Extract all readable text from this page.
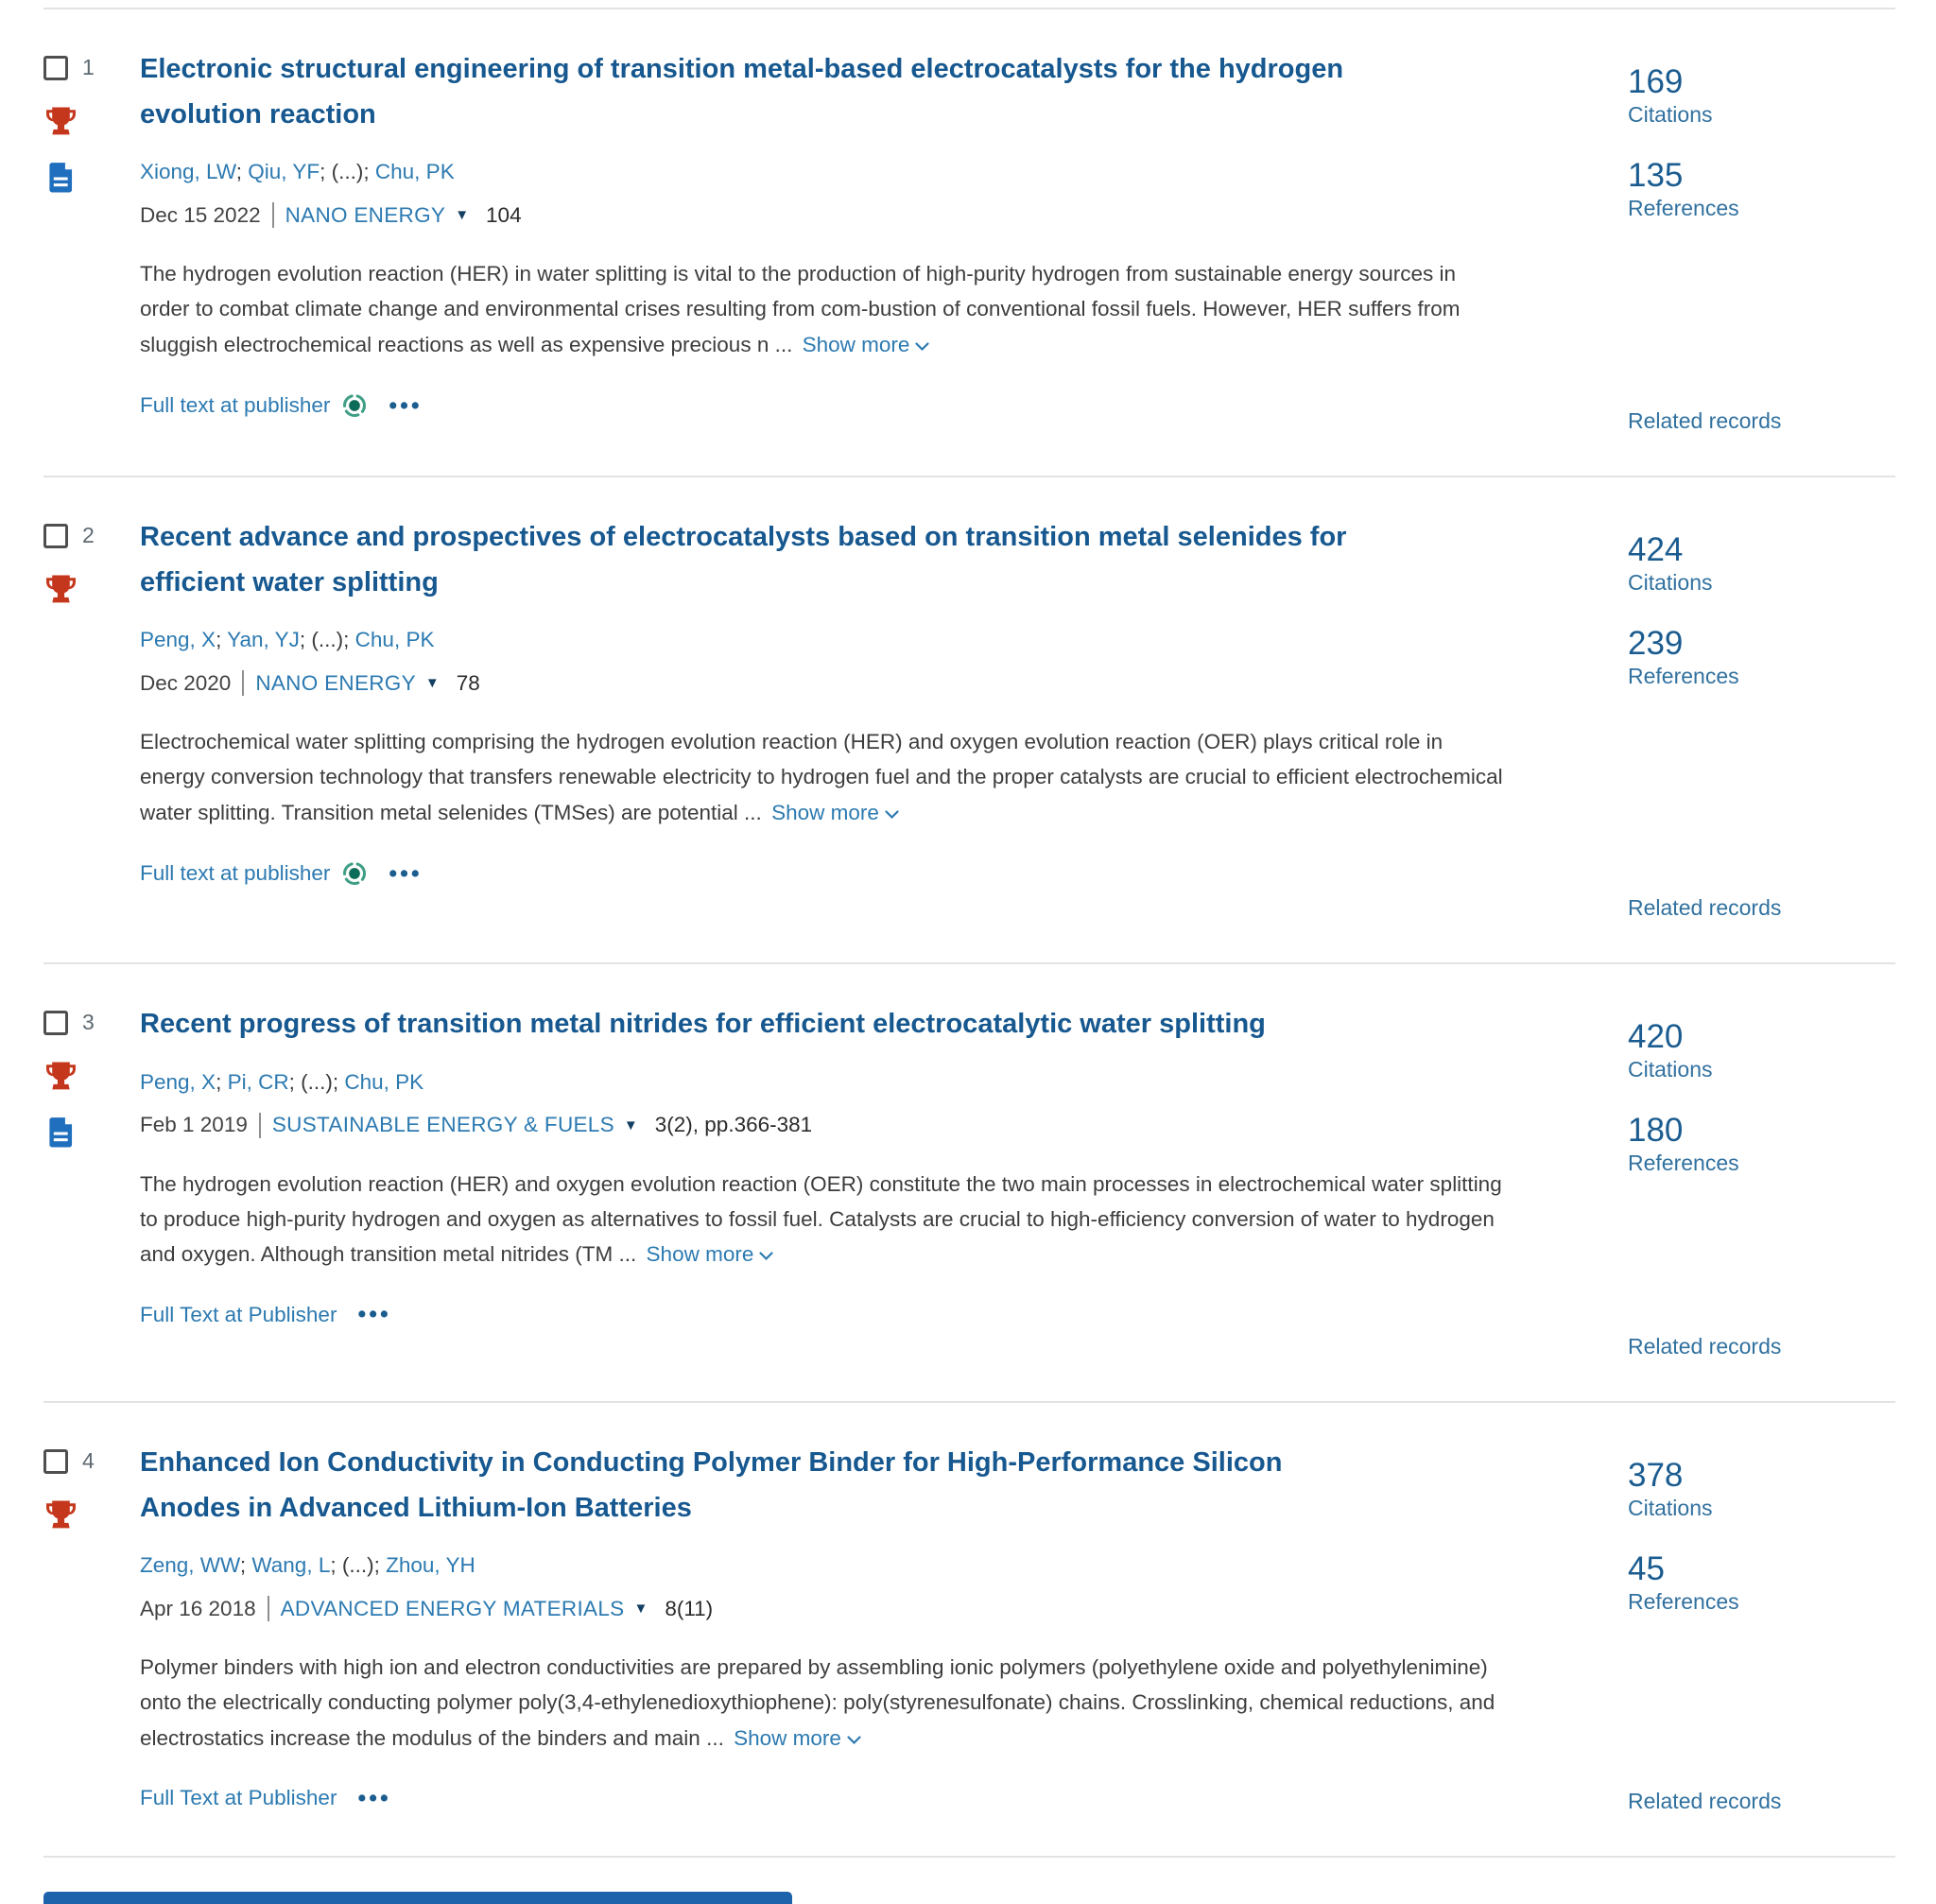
1 Electronic structural engineering of transition metal-based electrocatalysts for the hydrogen evolution reaction
Xiong, LW; Qiu, YF; (...); Chu, PK
Dec 15 2022 NANO ENERGY ▼ 104
The hydrogen evolution reaction (HER) in water splitting is vital to the production of high-purity hydrogen from sustainable energy sources in order to combat climate change and environmental crises resulting from com-bustion of conventional fossil fuels. However, HER suffers from sluggish electrochemical reactions as well as expensive precious n ... Show more
Full text at publisher •••
169
Citations
135
References
Related records
2 Recent advance and prospectives of electrocatalysts based on transition metal selenides for efficient water splitting
Peng, X; Yan, YJ; (...); Chu, PK
Dec 2020 NANO ENERGY ▼ 78
Electrochemical water splitting comprising the hydrogen evolution reaction (HER) and oxygen evolution reaction (OER) plays critical role in energy conversion technology that transfers renewable electricity to hydrogen fuel and the proper catalysts are crucial to efficient electrochemical water splitting. Transition metal selenides (TMSes) are potential ... Show more
Full text at publisher •••
424
Citations
239
References
Related records
3 Recent progress of transition metal nitrides for efficient electrocatalytic water splitting
Peng, X; Pi, CR; (...); Chu, PK
Feb 1 2019 SUSTAINABLE ENERGY & FUELS ▼ 3(2), pp.366-381
The hydrogen evolution reaction (HER) and oxygen evolution reaction (OER) constitute the two main processes in electrochemical water splitting to produce high-purity hydrogen and oxygen as alternatives to fossil fuel. Catalysts are crucial to high-efficiency conversion of water to hydrogen and oxygen. Although transition metal nitrides (TM ... Show more
Full Text at Publisher •••
420
Citations
180
References
Related records
4 Enhanced Ion Conductivity in Conducting Polymer Binder for High-Performance Silicon Anodes in Advanced Lithium-Ion Batteries
Zeng, WW; Wang, L; (...); Zhou, YH
Apr 16 2018 ADVANCED ENERGY MATERIALS ▼ 8(11)
Polymer binders with high ion and electron conductivities are prepared by assembling ionic polymers (polyethylene oxide and polyethylenimine) onto the electrically conducting polymer poly(3,4-ethylenedioxythiophene): poly(styrenesulfonate) chains. Crosslinking, chemical reductions, and electrostatics increase the modulus of the binders and main ... Show more
Full Text at Publisher •••
378
Citations
45
References
Related records
